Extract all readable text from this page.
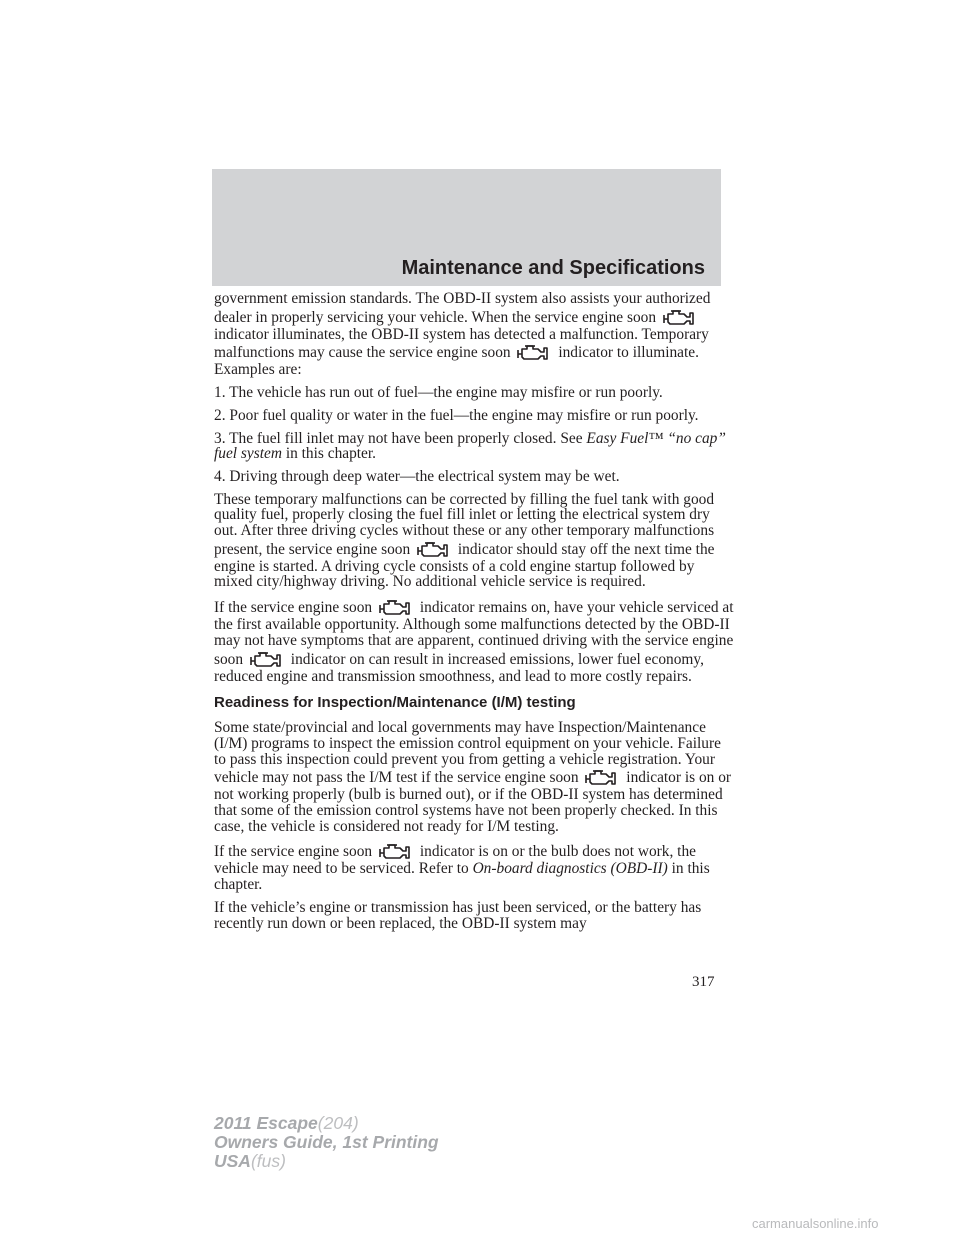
Maintenance and Specifications

government emission standards. The OBD-II system also assists your authorized dealer in properly servicing your vehicle. When the service engine soon
indicator illuminates, the OBD-II system has detected a malfunction. Temporary malfunctions may cause the service engine soon	indicator to illuminate. Examples are:

1. The vehicle has run out of fuel—the engine may misfire or run poorly.

2. Poor fuel quality or water in the fuel—the engine may misfire or run poorly.

3. The fuel fill inlet may not have been properly closed. See Easy Fuel™ “no cap” fuel system in this chapter.

4. Driving through deep water—the electrical system may be wet.

These temporary malfunctions can be corrected by filling the fuel tank with good quality fuel, properly closing the fuel fill inlet or letting the electrical system dry out. After three driving cycles without these or any other temporary malfunctions present, the service engine soon	indicator should stay off the next time the engine is started. A driving cycle consists of a cold engine startup followed by mixed city/highway driving. No additional vehicle service is required.

If the service engine soon	indicator remains on, have your vehicle serviced at the first available opportunity. Although some malfunctions detected by the OBD-II may not have symptoms that are apparent, continued driving with the service engine soon	indicator on can result in increased emissions, lower fuel economy, reduced engine and transmission smoothness, and lead to more costly repairs.

Readiness for Inspection/Maintenance (I/M) testing

Some state/provincial and local governments may have Inspection/Maintenance (I/M) programs to inspect the emission control equipment on your vehicle. Failure to pass this inspection could prevent you from getting a vehicle registration. Your vehicle may not pass the I/M test if the service engine soon	indicator is on or not working properly (bulb is burned out), or if the OBD-II system has determined that some of the emission control systems have not been properly checked. In this case, the vehicle is considered not ready for I/M testing.

If the service engine soon	indicator is on or the bulb does not work, the vehicle may need to be serviced. Refer to On-board diagnostics (OBD-II) in this chapter.

If the vehicle’s engine or transmission has just been serviced, or the battery has recently run down or been replaced, the OBD-II system may

317
2011 Escape(204)
Owners Guide, 1st Printing
USA(fus)
carmanualsonline.info
